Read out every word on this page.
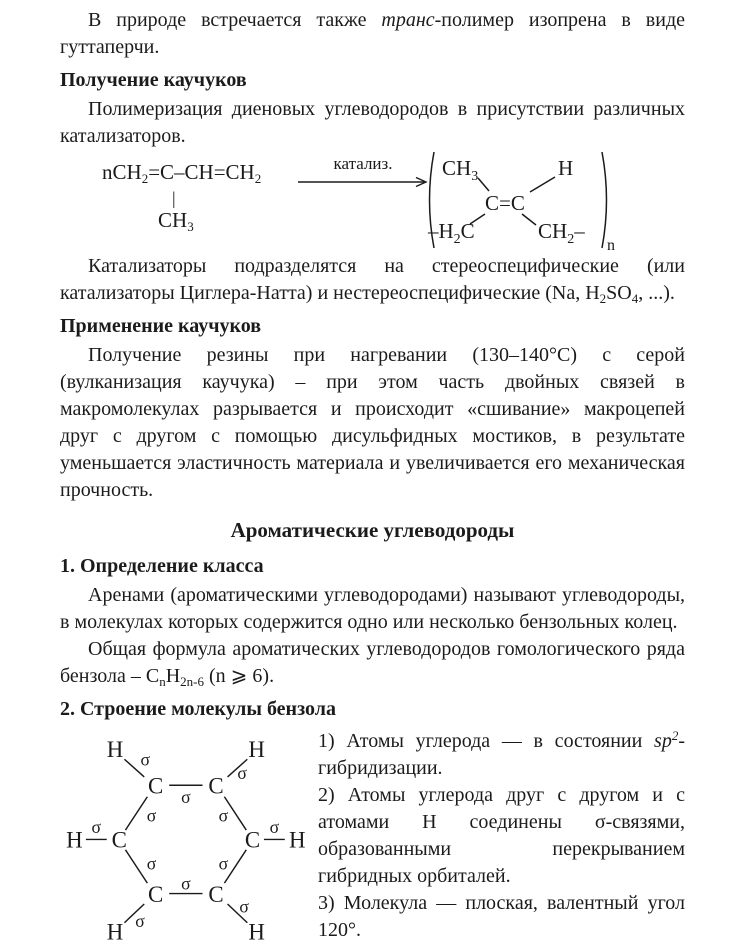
В природе встречается также транс-полимер изопрена в виде гуттаперчи.

Получение каучуков

Полимеризация диеновых углеводородов в присутствии различных катализаторов.

$nCH_2=C-CH=CH_2$
|
$CH_3$
катализ.	$CH_3$	H
C=C
$-H_2C$	$CH_2-$
n

Катализаторы подразделятся на стереоспецифические (или катализаторы Циглера-Натта) и нестереоспецифические (Na, $H_2SO_4$, ...).

Применение каучуков

Получение резины при нагревании (130–140°С) с серой (вулканизация каучука) – при этом часть двойных связей в макромолекулах разрывается и происходит «сшивание» макроцепей друг с другом с помощью дисульфидных мостиков, в результате уменьшается эластичность материала и увеличивается его механическая прочность.

Ароматические углеводороды
1. Определение класса

Аренами (ароматическими углеводородами) называют углеводороды, в молекулах которых содержится одно или несколько бензольных колец.

Общая формула ароматических углеводородов гомологического ряда бензола – $C_nH_{2n-6}$ (n ⩾ 6).

2. Строение молекулы бензола
C C
C
C
C
C
H	H
H	H
H	H
σ
σ
σ
σ
σ
σ
σ
σ
σ	σ
σ
σ

1) Атомы углерода — в состоянии $sp^2$-гибридизации.

2) Атомы углерода друг с другом и с атомами Н соединены σ-связями, образованными перекрыванием гибридных орбиталей.

3) Молекула — плоская, валентный угол 120°.
